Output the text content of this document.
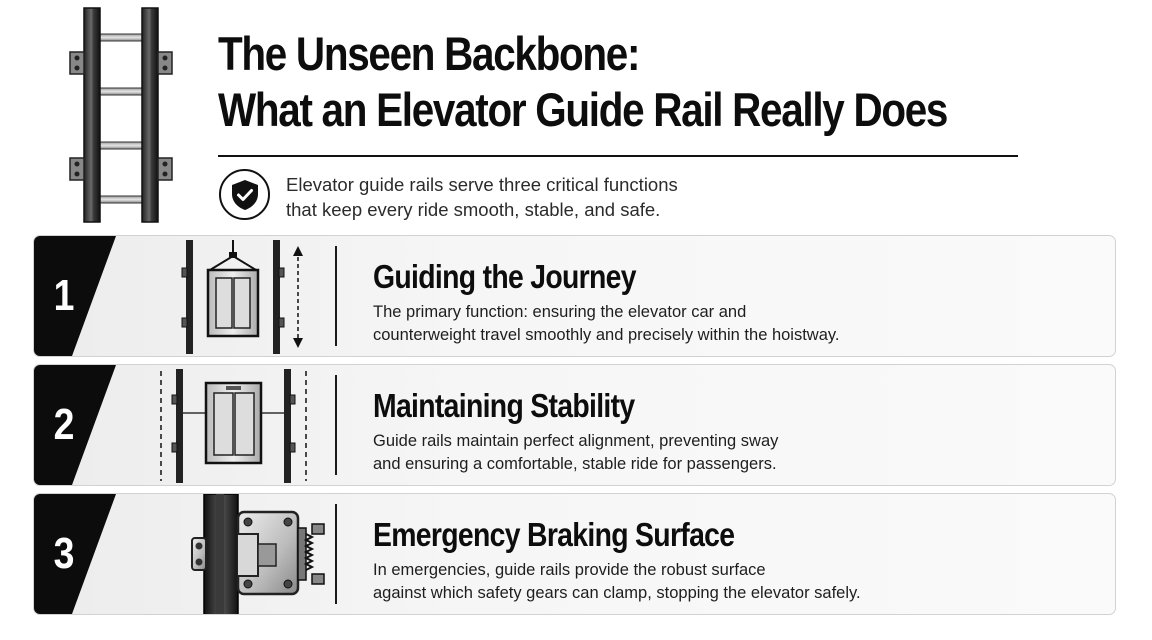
The Unseen Backbone:
What an Elevator Guide Rail Really Does
Elevator guide rails serve three critical functions
that keep every ride smooth, stable, and safe.
1	Guiding the Journey
The primary function: ensuring the elevator car and
counterweight travel smoothly and precisely within the hoistway.
2	Maintaining Stability
Guide rails maintain perfect alignment, preventing sway
and ensuring a comfortable, stable ride for passengers.
3	Emergency Braking Surface
In emergencies, guide rails provide the robust surface
against which safety gears can clamp, stopping the elevator safely.
